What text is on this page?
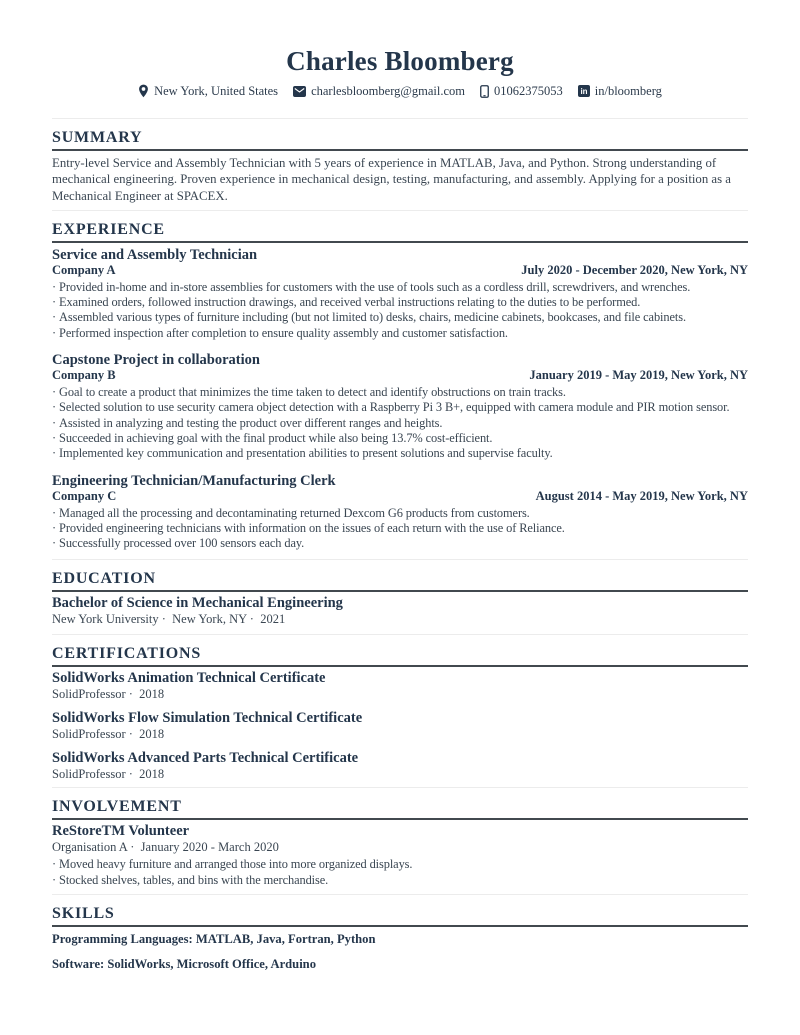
Charles Bloomberg
New York, United States	charlesbloomberg@gmail.com 01062375053 in in/bloomberg
SUMMARY

Entry-level Service and Assembly Technician with 5 years of experience in MATLAB, Java, and Python. Strong understanding of mechanical engineering. Proven experience in mechanical design, testing, manufacturing, and assembly. Applying for a position as a Mechanical Engineer at SPACEX.

EXPERIENCE
Service and Assembly Technician
Company A	July 2020 - December 2020, New York, NY
· Provided in-home and in-store assemblies for customers with the use of tools such as a cordless drill, screwdrivers, and wrenches.
· Examined orders, followed instruction drawings, and received verbal instructions relating to the duties to be performed.
· Assembled various types of furniture including (but not limited to) desks, chairs, medicine cabinets, bookcases, and file cabinets.
· Performed inspection after completion to ensure quality assembly and customer satisfaction.
Capstone Project in collaboration
Company B	January 2019 - May 2019, New York, NY
· Goal to create a product that minimizes the time taken to detect and identify obstructions on train tracks.
· Selected solution to use security camera object detection with a Raspberry Pi 3 B+, equipped with camera module and PIR motion sensor.
· Assisted in analyzing and testing the product over different ranges and heights.
· Succeeded in achieving goal with the final product while also being 13.7% cost-efficient.
· Implemented key communication and presentation abilities to present solutions and supervise faculty.
Engineering Technician/Manufacturing Clerk
Company C	August 2014 - May 2019, New York, NY
· Managed all the processing and decontaminating returned Dexcom G6 products from customers.
· Provided engineering technicians with information on the issues of each return with the use of Reliance.
· Successfully processed over 100 sensors each day.
EDUCATION
Bachelor of Science in Mechanical Engineering
New York University · New York, NY · 2021
CERTIFICATIONS
SolidWorks Animation Technical Certificate
SolidProfessor · 2018
SolidWorks Flow Simulation Technical Certificate
SolidProfessor · 2018
SolidWorks Advanced Parts Technical Certificate
SolidProfessor · 2018
INVOLVEMENT
ReStoreTM Volunteer
Organisation A · January 2020 - March 2020
· Moved heavy furniture and arranged those into more organized displays.
· Stocked shelves, tables, and bins with the merchandise.
SKILLS
Programming Languages: MATLAB, Java, Fortran, Python
Software: SolidWorks, Microsoft Office, Arduino
